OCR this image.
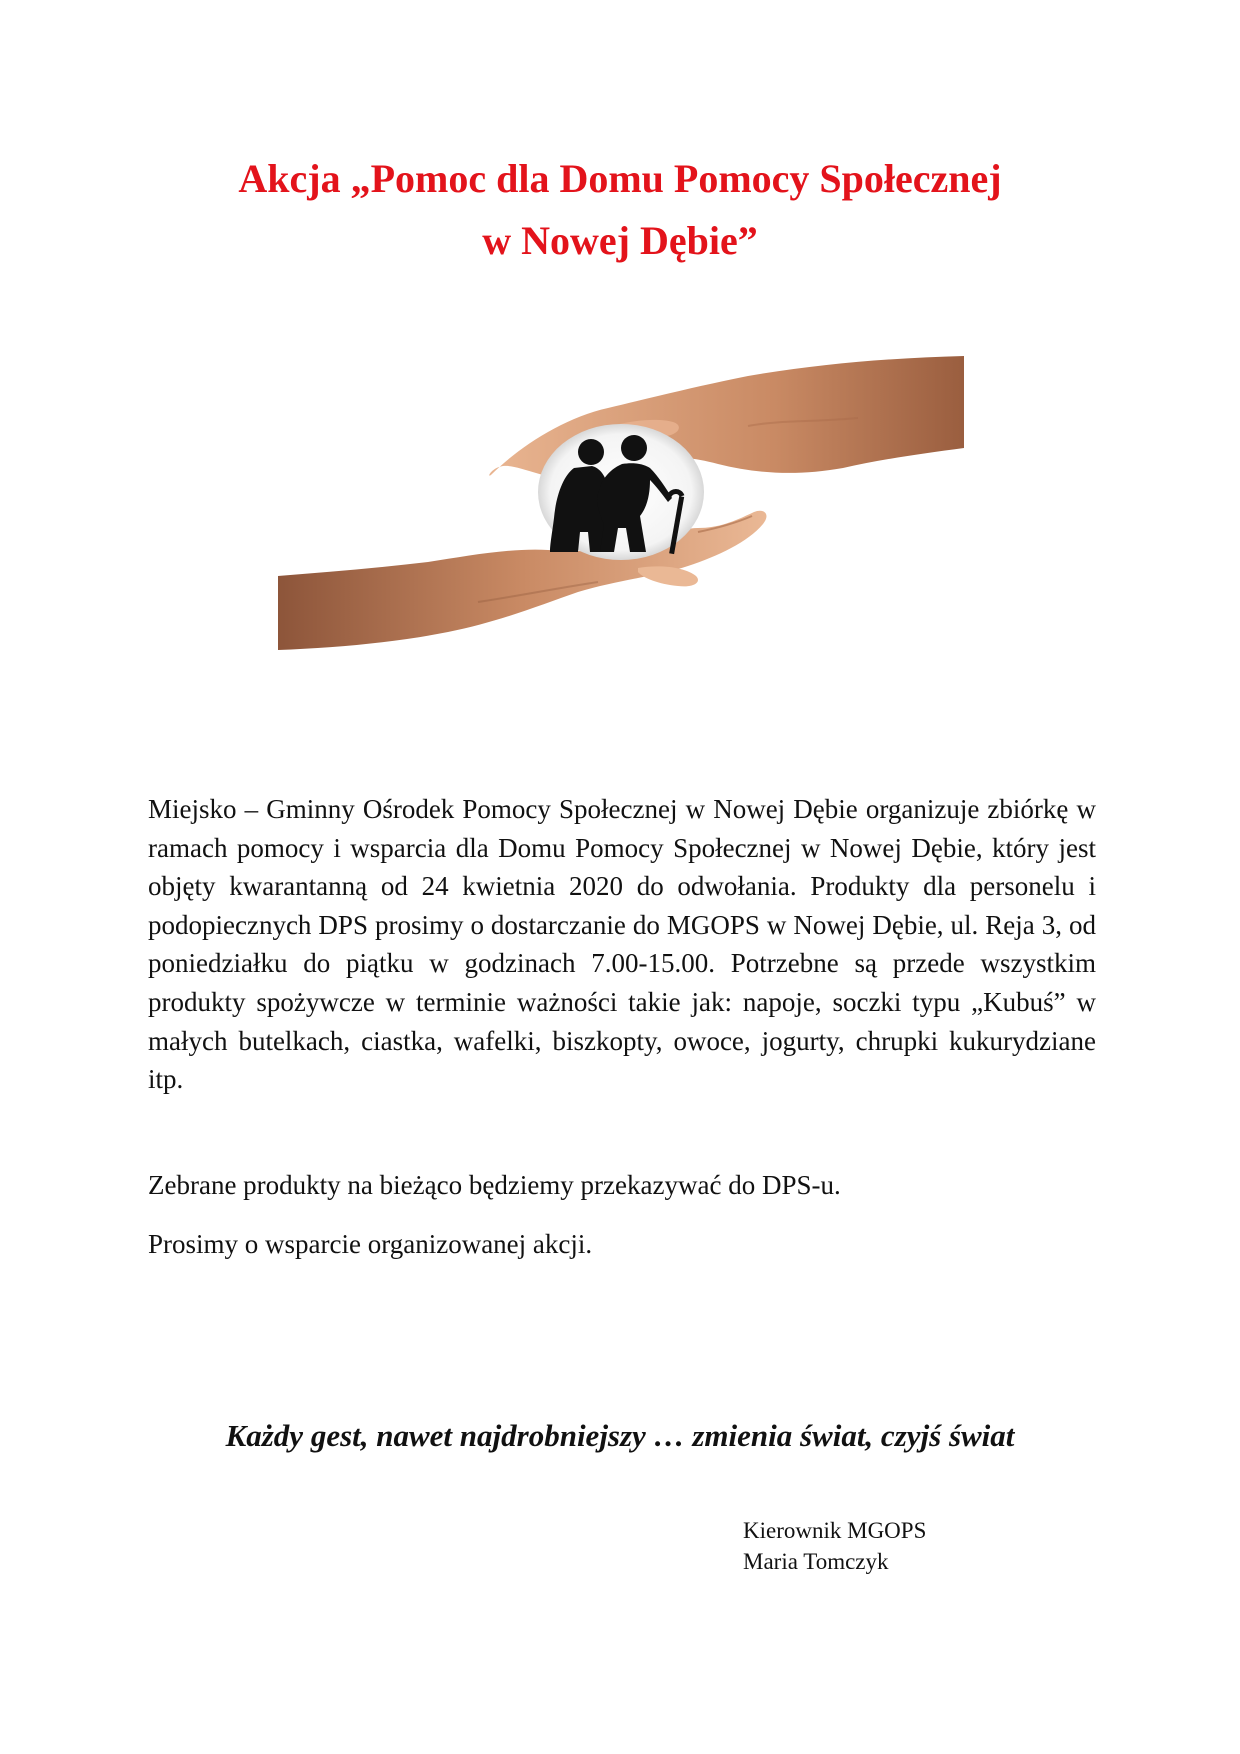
Akcja „Pomoc dla Domu Pomocy Społecznej
w Nowej Dębie”

Miejsko – Gminny Ośrodek Pomocy Społecznej w Nowej Dębie organizuje zbiórkę w ramach pomocy i wsparcia dla Domu Pomocy Społecznej w Nowej Dębie, który jest objęty kwarantanną od 24 kwietnia 2020 do odwołania. Produkty dla personelu i podopiecznych DPS prosimy o dostarczanie do MGOPS w Nowej Dębie, ul. Reja 3, od poniedziałku do piątku w godzinach 7.00-15.00. Potrzebne są przede wszystkim produkty spożywcze w terminie ważności takie jak: napoje, soczki typu „Kubuś” w małych butelkach, ciastka, wafelki, biszkopty, owoce, jogurty, chrupki kukurydziane itp.

Zebrane produkty na bieżąco będziemy przekazywać do DPS-u.

Prosimy o wsparcie organizowanej akcji.

Każdy gest, nawet najdrobniejszy … zmienia świat, czyjś świat

Kierownik MGOPS
Maria Tomczyk
